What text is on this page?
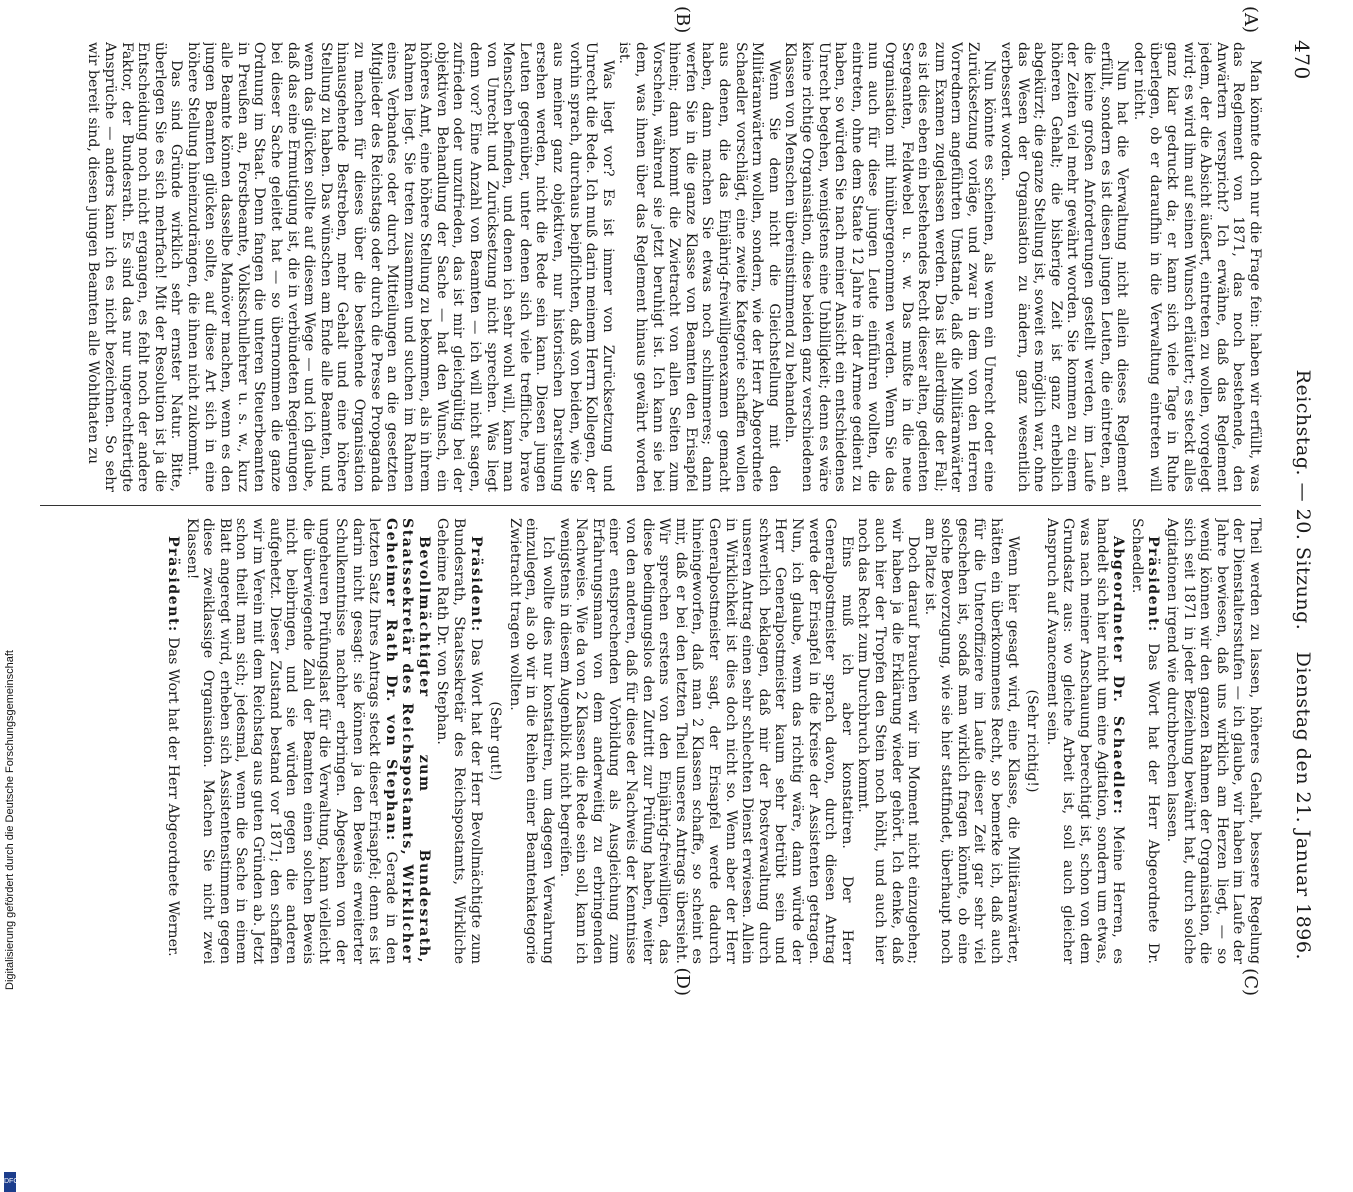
470
Reichstag. — 20. Sitzung.
Dienstag den 21. Januar 1896.
(A)
(B)
(C)
(D)

Man könnte doch nur die Frage fein: haben wir erfüllt, was das Reglement von 1871, das noch bestehende, den Anwärtern verspricht? Ich erwähne, daß das Reglement jedem, der die Absicht äußert, eintreten zu wollen, vorgelegt wird; es wird ihm auf seinen Wunsch erläutert; es steckt alles ganz klar gedruckt da; er kann sich viele Tage in Ruhe überlegen, ob er daraufhin in die Verwaltung eintreten will oder nicht.

Nun hat die Verwaltung nicht allein dieses Reglement erfüllt, sondern es ist diesen jungen Leuten, die eintreten, an die keine großen Anforderungen gestellt werden, im Laufe der Zeiten viel mehr gewährt worden. Sie kommen zu einem höheren Gehalt; die bisherige Zeit ist ganz erheblich abgekürzt; die ganze Stellung ist, soweit es möglich war, ohne das Wesen der Organisation zu ändern, ganz wesentlich verbessert worden.

Nun könnte es scheinen, als wenn ein Unrecht oder eine Zurücksetzung vorläge, und zwar in dem von den Herren Vorrednern angeführten Umstande, daß die Militäranwärter zum Examen zugelassen werden. Das ist allerdings der Fall; es ist dies eben ein bestehendes Recht dieser alten, gedienten Sergeanten, Feldwebel u. s. w. Das mußte in die neue Organisation mit hinübergenommen werden. Wenn Sie das nun auch für diese jungen Leute einführen wollten, die eintreten, ohne dem Staate 12 Jahre in der Armee gedient zu haben, so würden Sie nach meiner Ansicht ein entschiedenes Unrecht begehen, wenigstens eine Unbilligkeit; denn es wäre keine richtige Organisation, diese beiden ganz verschiedenen Klassen von Menschen übereinstimmend zu behandeln.

Wenn Sie denn nicht die Gleichstellung mit den Militäranwärtern wollen, sondern, wie der Herr Abgeordnete Schaedler vorschlägt, eine zweite Kategorie schaffen wollen aus denen, die das Einjährig-freiwilligenexamen gemacht haben, dann machen Sie etwas noch schlimmeres; dann werfen Sie in die ganze Klasse von Beamten den Erisapfel hinein; dann kommt die Zwietracht von allen Seiten zum Vorschein, während sie jetzt beruhigt ist. Ich kann sie bei dem, was ihnen über das Reglement hinaus gewährt worden ist.

Was liegt vor? Es ist immer von Zurücksetzung und Unrecht die Rede. Ich muß darin meinem Herrn Kollegen, der vorhin sprach, durchaus beipflichten, daß von beiden, wie Sie aus meiner ganz objektiven, nur historischen Darstellung ersehen werden, nicht die Rede sein kann. Diesen jungen Leuten gegenüber, unter denen sich viele treffliche, brave Menschen befinden, und denen ich sehr wohl will, kann man von Unrecht und Zurücksetzung nicht sprechen. Was liegt denn vor? Eine Anzahl von Beamten — ich will nicht sagen, zufrieden oder unzufrieden, das ist mir gleichgültig bei der objektiven Behandlung der Sache — hat den Wunsch, ein höheres Amt, eine höhere Stellung zu bekommen, als in ihrem Rahmen liegt. Sie treten zusammen und suchen im Rahmen eines Verbandes oder durch Mitteilungen an die gesetzten Mitglieder des Reichstags oder durch die Presse Propaganda zu machen für dieses über die bestehende Organisation hinausgehende Bestreben, mehr Gehalt und eine höhere Stellung zu haben. Das wünschen am Ende alle Beamten, und wenn das glücken sollte auf diesem Wege — und ich glaube, daß das eine Ermutigung ist, die in verbündeten Regierungen bei dieser Sache geleitet hat — so übernommen die ganze Ordnung im Staat. Denn fangen die unteren Steuerbeamten in Preußen an, Forstbeamte, Volksschullehrer u. s. w., kurz alle Beamte können dasselbe Manöver machen, wenn es den jungen Beamten glücken sollte, auf diese Art sich in eine höhere Stellung hineinzudrängen, die ihnen nicht zukommt.

Das sind Gründe wirklich sehr ernster Natur. Bitte, überlegen Sie es sich mehrfach! Mit der Resolution ist ja die Entscheidung noch nicht ergangen, es fehlt noch der andere Faktor, der Bundesrath. Es sind das nur ungerechtfertigte Ansprüche — anders kann ich es nicht bezeichnen. So sehr wir bereit sind, diesen jungen Beamten alle Wohlthaten zu

Theil werden zu lassen, höheres Gehalt, bessere Regelung der Dienstaltersstufen — ich glaube, wir haben im Laufe der Jahre bewiesen, daß uns wirklich am Herzen liegt, — so wenig können wir den ganzen Rahmen der Organisation, die sich seit 1871 in jeder Beziehung bewährt hat, durch solche Agitationen irgend wie durchbrechen lassen.

Präsident: Das Wort hat der Herr Abgeordnete Dr. Schaedler.

Abgeordneter Dr. Schaedler: Meine Herren, es handelt sich hier nicht um eine Agitation, sondern um etwas, was nach meiner Anschauung berechtigt ist, schon von dem Grundsatz aus: wo gleiche Arbeit ist, soll auch gleicher Anspruch auf Avancement sein.

(Sehr richtig!)

Wenn hier gesagt wird, eine Klasse, die Militäranwärter, hätten ein überkommenes Recht, so bemerke ich, daß auch für die Unteroffiziere im Laufe dieser Zeit gar sehr viel geschehen ist, sodaß man wirklich fragen könnte, ob eine solche Bevorzugung, wie sie hier stattfindet, überhaupt noch am Platze ist.

Doch darauf brauchen wir im Moment nicht einzugehen; wir haben ja die Erklärung wieder gehört. Ich denke, daß auch hier der Tropfen den Stein noch höhlt, und auch hier noch das Recht zum Durchbruch kommt.

Eins muß ich aber konstatiren. Der Herr Generalpostmeister sprach davon, durch diesen Antrag werde der Erisapfel in die Kreise der Assistenten getragen. Nun, ich glaube, wenn das richtig wäre, dann würde der Herr Generalpostmeister kaum sehr betrübt sein und schwerlich beklagen, daß mir der Postverwaltung durch unseren Antrag einen sehr schlechten Dienst erwiesen. Allein in Wirklichkeit ist dies doch nicht so. Wenn aber der Herr Generalpostmeister sagt, der Erisapfel werde dadurch hineingeworfen, daß man 2 Klassen schaffe, so scheint es mir, daß er bei den letzten Theil unseres Antrags übersieht. Wir sprechen erstens von den Einjährig-freiwilligen, das diese bedingungslos den Zutritt zur Prüfung haben, weiter von den anderen, daß für diese der Nachweis der Kenntnisse einer entsprechenden Vorbildung als Ausgleichung zum Erfahrungsmann von dem anderweitig zu erbringenden Nachweise. Wie da von 2 Klassen die Rede sein soll, kann ich wenigstens in diesem Augenblick nicht begreifen.

Ich wollte dies nur konstatiren, um dagegen Verwahrung einzulegen, als ob wir in die Reihen einer Beamtenkategorie Zwietracht tragen wollten.

(Sehr gut!)

Präsident: Das Wort hat der Herr Bevollmächtigte zum Bundesrath, Staatssekretär des Reichspostamts, Wirkliche Geheime Rath Dr. von Stephan.

Bevollmächtigter zum Bundesrath, Staatssekretär des Reichspostamts, Wirklicher Geheimer Rath Dr. von Stephan: Gerade in den letzten Satz Ihres Antrags steckt dieser Erisapfel; denn es ist darin nicht gesagt: sie können ja den Beweis erweiterter Schulkenntnisse nachher erbringen. Abgesehen von der ungeheuren Prüfungslast für die Verwaltung, kann vielleicht die überwiegende Zahl der Beamten einen solchen Beweis nicht beibringen, und sie würden gegen die anderen aufgehetzt. Dieser Zustand bestand vor 1871; den schaffen wir im Verein mit dem Reichstag aus guten Gründen ab. Jetzt schon theilt man sich; jedesmal, wenn die Sache in einem Blatt angeregt wird, erheben sich Assistentenstimmen gegen diese zweiklassige Organisation. Machen Sie nicht zwei Klassen!

Präsident: Das Wort hat der Herr Abgeordnete Werner.

Digitalisierung gefördert durch die Deutsche Forschungsgemeinschaft
DFG
